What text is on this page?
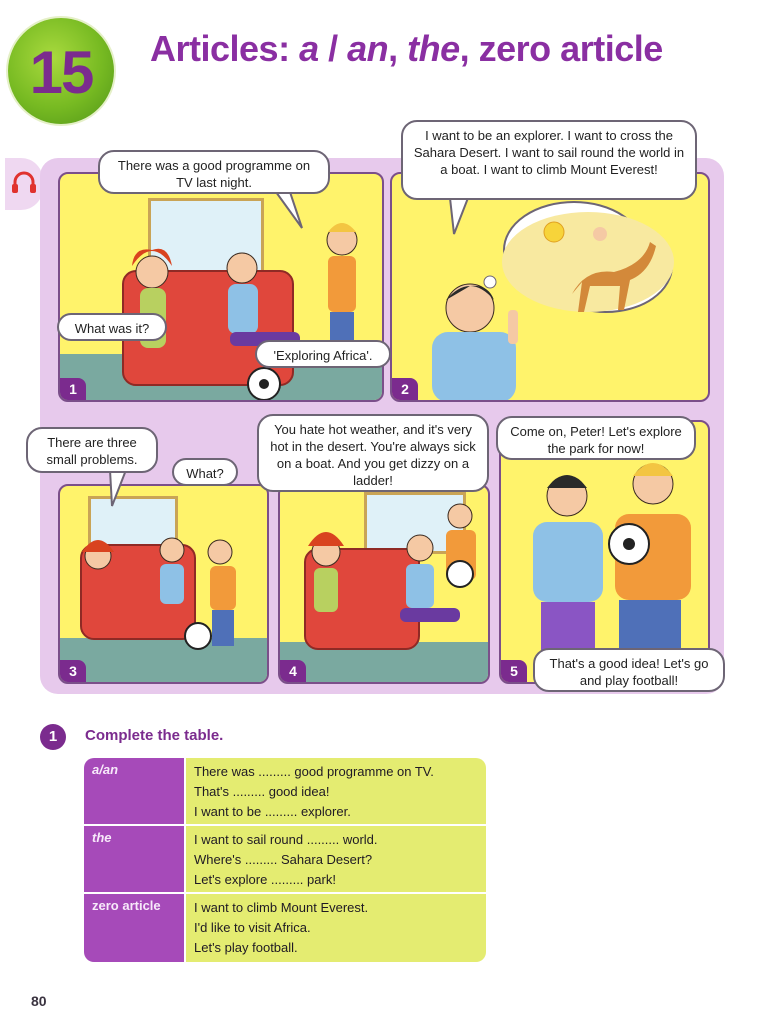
15	Articles: a / an, the, zero article
1
There was a good programme on TV last night.
What was it?
'Exploring Africa'.
2
I want to be an explorer. I want to cross the Sahara Desert. I want to sail round the world in a boat. I want to climb Mount Everest!
3
There are three small problems.
What?
4
You hate hot weather, and it's very hot in the desert. You're always sick on a boat. And you get dizzy on a ladder!
5
Come on, Peter! Let's explore the park for now!
That's a good idea! Let's go and play football!
1	Complete the table.
a/an	There was ......... good programme on TV.
That's ......... good idea!
I want to be ......... explorer.
the	I want to sail round ......... world.
Where's ......... Sahara Desert?
Let's explore ......... park!
zero article	I want to climb Mount Everest.
I'd like to visit Africa.
Let's play football.
80
